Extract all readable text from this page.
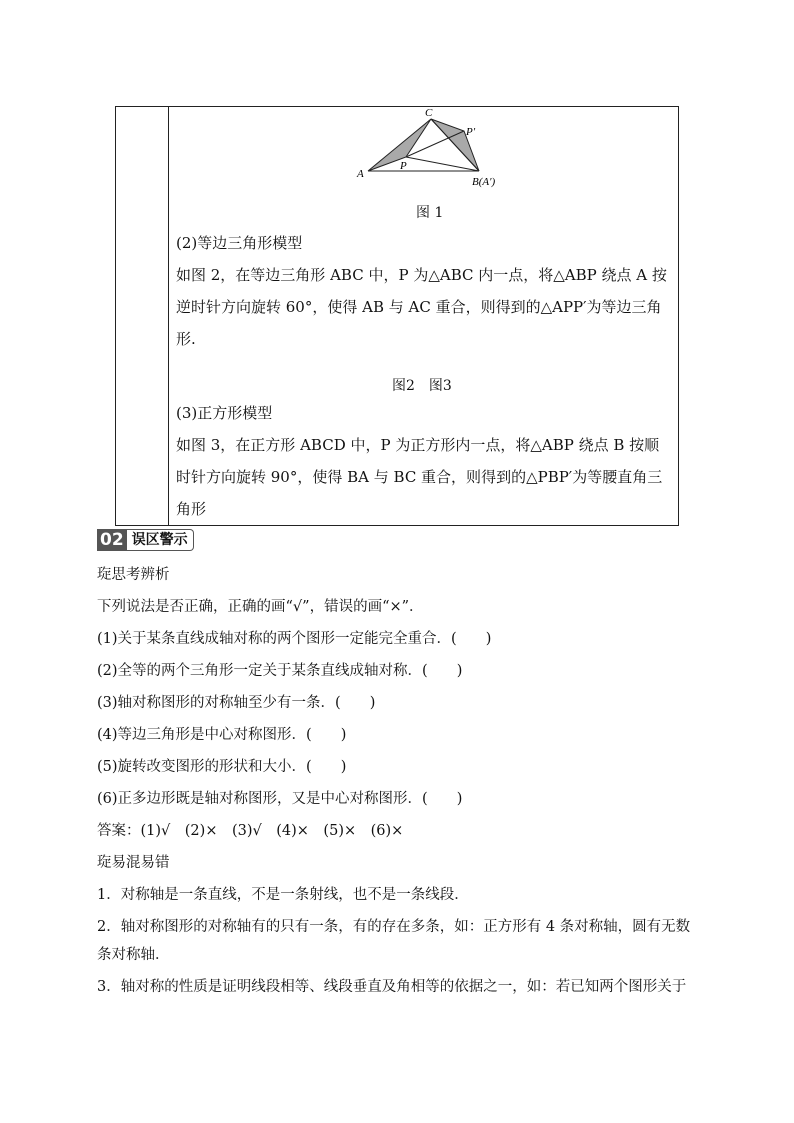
C
P′
P
A
B(A′)
图 1
(2)等边三角形模型
如图 2，在等边三角形 ABC 中，P 为△ABC 内一点，将△ABP 绕点 A 按
逆时针方向旋转 60°，使得 AB 与 AC 重合，则得到的△APP′为等边三角
形.
图2　图3
(3)正方形模型
如图 3，在正方形 ABCD 中，P 为正方形内一点，将△ABP 绕点 B 按顺
时针方向旋转 90°，使得 BA 与 BC 重合，则得到的△PBP′为等腰直角三
角形
02 误区警示
琁思考辨析
下列说法是否正确，正确的画“√”，错误的画“×”．
(1)关于某条直线成轴对称的两个图形一定能完全重合．(　　)
(2)全等的两个三角形一定关于某条直线成轴对称．(　　)
(3)轴对称图形的对称轴至少有一条．(　　)
(4)等边三角形是中心对称图形．(　　)
(5)旋转改变图形的形状和大小．(　　)
(6)正多边形既是轴对称图形，又是中心对称图形．(　　)
答案：(1)√　(2)×　(3)√　(4)×　(5)×　(6)×
琁易混易错
1．对称轴是一条直线，不是一条射线，也不是一条线段．
2．轴对称图形的对称轴有的只有一条，有的存在多条，如：正方形有 4 条对称轴，圆有无数
条对称轴．
3．轴对称的性质是证明线段相等、线段垂直及角相等的依据之一，如：若已知两个图形关于
